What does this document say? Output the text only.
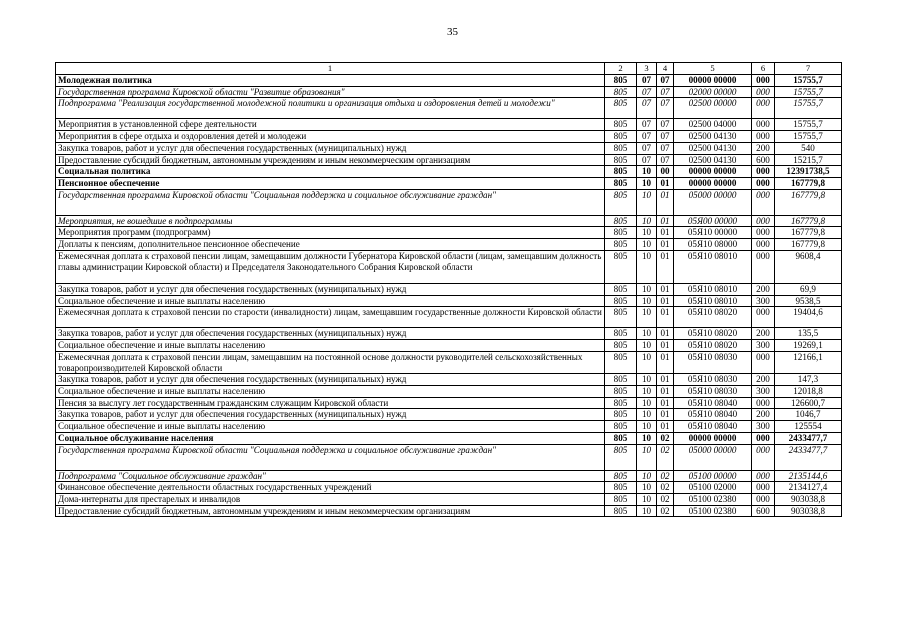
35
1	2	3	4	5	6	7
Молодежная политика	805	07	07	00000 00000	000	15755,7
Государственная программа Кировской области "Развитие образования"	805	07	07	02000 00000	000	15755,7
Подпрограмма "Реализация государственной молодежной политики и организация отдыха и оздоровления детей и молодежи"	805	07	07	02500 00000	000	15755,7
Мероприятия в установленной сфере деятельности	805	07	07	02500 04000	000	15755,7
Мероприятия в сфере отдыха и оздоровления детей и молодежи	805	07	07	02500 04130	000	15755,7
Закупка товаров, работ и услуг для обеспечения государственных (муниципальных) нужд	805	07	07	02500 04130	200	540
Предоставление субсидий бюджетным, автономным учреждениям и иным некоммерческим организациям	805	07	07	02500 04130	600	15215,7
Социальная политика	805	10	00	00000 00000	000	12391738,5
Пенсионное обеспечение	805	10	01	00000 00000	000	167779,8
Государственная программа Кировской области "Социальная поддержка и социальное обслуживание граждан"	805	10	01	05000 00000	000	167779,8
Мероприятия, не вошедшие в подпрограммы	805	10	01	05Я00 00000	000	167779,8
Мероприятия программ (подпрограмм)	805	10	01	05Я10 00000	000	167779,8
Доплаты к пенсиям, дополнительное пенсионное обеспечение	805	10	01	05Я10 08000	000	167779,8
Ежемесячная доплата к страховой пенсии лицам, замещавшим должности Губернатора Кировской области (лицам, замещавшим должность главы администрации Кировской области) и Председателя Законодательного Собрания Кировской области	805	10	01	05Я10 08010	000	9608,4
Закупка товаров, работ и услуг для обеспечения государственных (муниципальных) нужд	805	10	01	05Я10 08010	200	69,9
Социальное обеспечение и иные выплаты населению	805	10	01	05Я10 08010	300	9538,5
Ежемесячная доплата к страховой пенсии по старости (инвалидности) лицам, замещавшим государственные должности Кировской области	805	10	01	05Я10 08020	000	19404,6
Закупка товаров, работ и услуг для обеспечения государственных (муниципальных) нужд	805	10	01	05Я10 08020	200	135,5
Социальное обеспечение и иные выплаты населению	805	10	01	05Я10 08020	300	19269,1
Ежемесячная доплата к страховой пенсии лицам, замещавшим на постоянной основе должности руководителей сельскохозяйственных товаропроизводителей Кировской области	805	10	01	05Я10 08030	000	12166,1
Закупка товаров, работ и услуг для обеспечения государственных (муниципальных) нужд	805	10	01	05Я10 08030	200	147,3
Социальное обеспечение и иные выплаты населению	805	10	01	05Я10 08030	300	12018,8
Пенсия за выслугу лет государственным гражданским служащим Кировской области	805	10	01	05Я10 08040	000	126600,7
Закупка товаров, работ и услуг для обеспечения государственных (муниципальных) нужд	805	10	01	05Я10 08040	200	1046,7
Социальное обеспечение и иные выплаты населению	805	10	01	05Я10 08040	300	125554
Социальное обслуживание населения	805	10	02	00000 00000	000	2433477,7
Государственная программа Кировской области "Социальная поддержка и социальное обслуживание граждан"	805	10	02	05000 00000	000	2433477,7
Подпрограмма "Социальное обслуживание граждан"	805	10	02	05100 00000	000	2135144,6
Финансовое обеспечение деятельности областных государственных учреждений	805	10	02	05100 02000	000	2134127,4
Дома-интернаты для престарелых и инвалидов	805	10	02	05100 02380	000	903038,8
Предоставление субсидий бюджетным, автономным учреждениям и иным некоммерческим организациям	805	10	02	05100 02380	600	903038,8
